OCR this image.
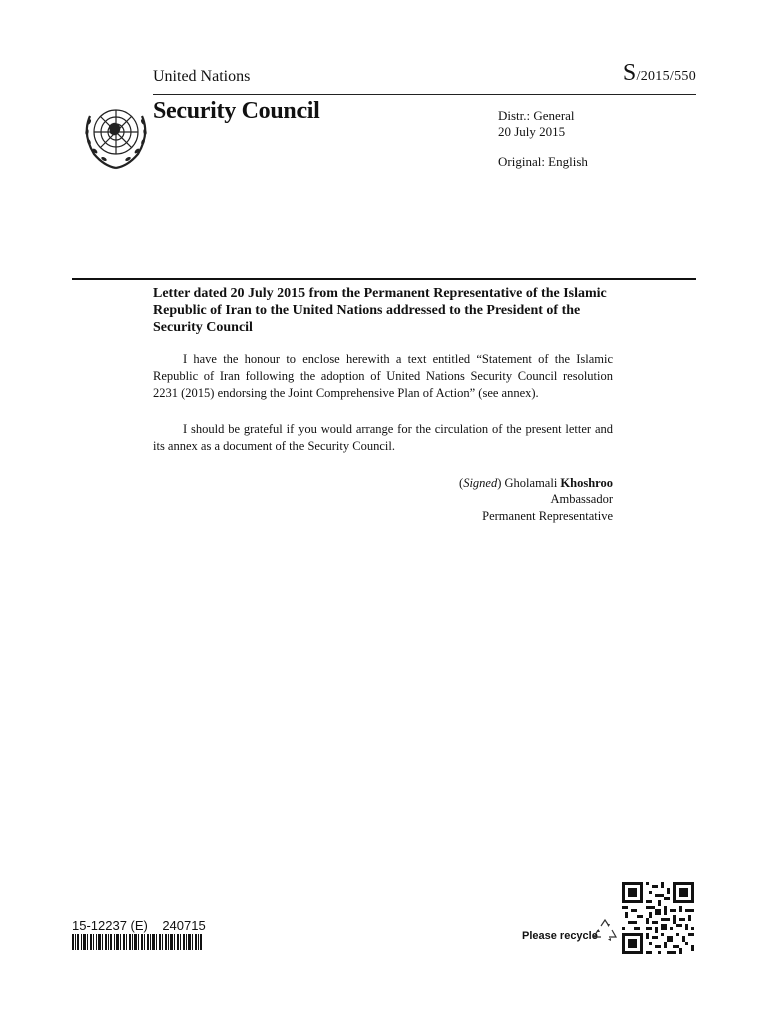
United Nations	S/2015/550
Security Council	Distr.: General
20 July 2015
Original: English
Letter dated 20 July 2015 from the Permanent Representative of the Islamic Republic of Iran to the United Nations addressed to the President of the Security Council

I have the honour to enclose herewith a text entitled “Statement of the Islamic Republic of Iran following the adoption of United Nations Security Council resolution 2231 (2015) endorsing the Joint Comprehensive Plan of Action” (see annex).

I should be grateful if you would arrange for the circulation of the present letter and its annex as a document of the Security Council.

(Signed) Gholamali Khoshroo
Ambassador
Permanent Representative
15-12237 (E)    240715
Please recycle
